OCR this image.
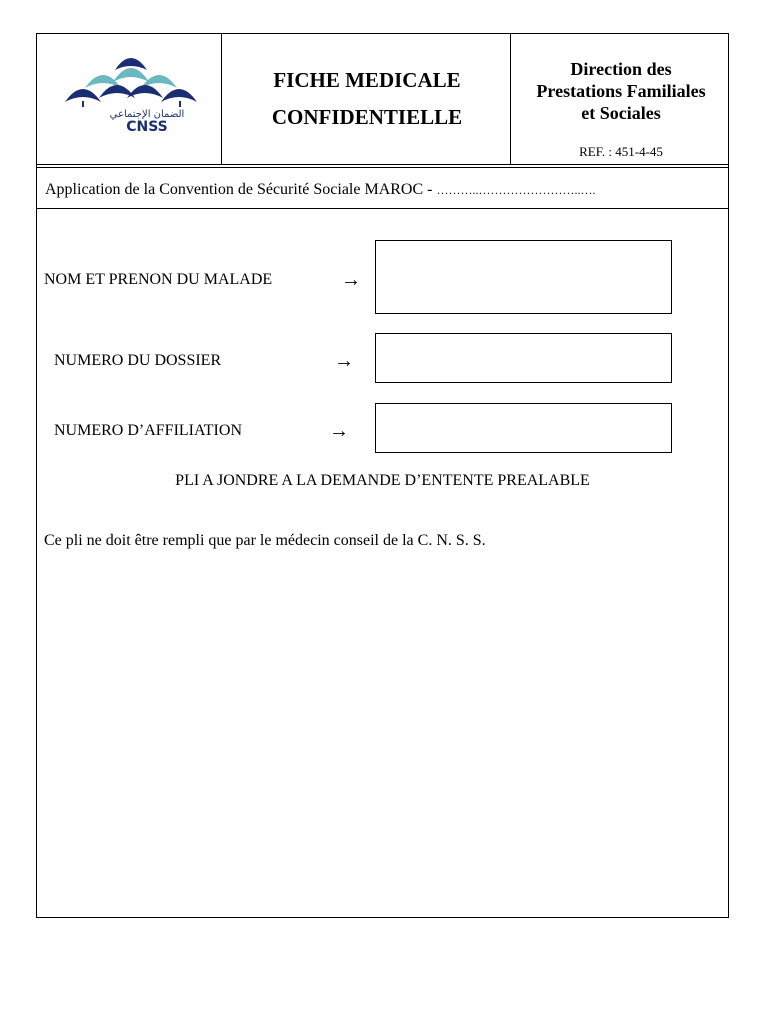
الضمان الإجتماعي
CNSS
FICHE MEDICALE
CONFIDENTIELLE
Direction des
Prestations Familiales
et Sociales
REF. : 451-4-45
Application de la Convention de Sécurité Sociale MAROC - ………..……………………..….
NOM ET PRENON DU MALADE	→
NUMERO DU DOSSIER	→
NUMERO D’AFFILIATION	→
PLI A JONDRE A LA DEMANDE D’ENTENTE PREALABLE
Ce pli ne doit être rempli que par le médecin conseil de la C. N. S. S.
